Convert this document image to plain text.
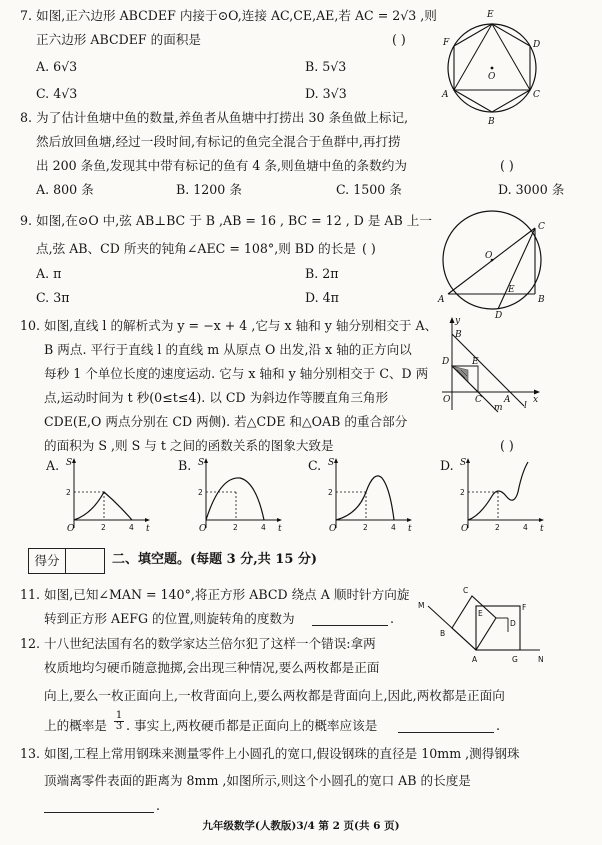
7. 如图,正六边形 ABCDEF 内接于⊙O,连接 AC,CE,AE,若 AC = 2√3 ,则
正六边形 ABCDEF 的面积是	( )
A. 6√3	B. 5√3
C. 4√3	D. 3√3
E
F	D
O
A	C
B
8. 为了估计鱼塘中鱼的数量,养鱼者从鱼塘中打捞出 30 条鱼做上标记,
然后放回鱼塘,经过一段时间,有标记的鱼完全混合于鱼群中,再打捞
出 200 条鱼,发现其中带有标记的鱼有 4 条,则鱼塘中鱼的条数约为	( )
A. 800 条	B. 1200 条	C. 1500 条	D. 3000 条
9. 如图,在⊙O 中,弦 AB⊥BC 于 B ,AB = 16 , BC = 12 , D 是 AB 上一
点,弦 AB、CD 所夹的钝角∠AEC = 108°,则 BD 的长是 ( )
A. π	B. 2π
C. 3π	D. 4π
C
O
A
E
B
D
10. 如图,直线 l 的解析式为 y = −x + 4 ,它与 x 轴和 y 轴分别相交于 A、
B 两点. 平行于直线 l 的直线 m 从原点 O 出发,沿 x 轴的正方向以
每秒 1 个单位长度的速度运动. 它与 x 轴和 y 轴分别相交于 C、D 两
点,运动时间为 t 秒(0≤t≤4). 以 CD 为斜边作等腰直角三角形
CDE(E,O 两点分别在 CD 两侧). 若△CDE 和△OAB 的重合部分
的面积为 S ,则 S 与 t 之间的函数关系的图象大致是	( )
y
B
D	E
O	C A
m l
x
A.	B.	C.	D.
S
t
O	2	4
2
S
t
O	2	4
2
S
t
O	2	4
2
S
t
O	2	4
2
得分	二、填空题。(每题 3 分,共 15 分)
11. 如图,已知∠MAN = 140°,将正方形 ABCD 绕点 A 顺时针方向旋
转到正方形 AEFG 的位置,则旋转角的度数为	.
C
M
E
F
D
B
A	G	N
12. 十八世纪法国有名的数学家达兰倍尔犯了这样一个错误:拿两
枚质地均匀硬币随意抛掷,会出现三种情况,要么两枚都是正面
向上,要么一枚正面向上,一枚背面向上,要么两枚都是背面向上,因此,两枚都是正面向
上的概率是 $\frac{1}{3}$ . 事实上,两枚硬币都是正面向上的概率应该是	.
13. 如图,工程上常用钢珠来测量零件上小圆孔的宽口,假设钢珠的直径是 10mm ,测得钢珠
顶端离零件表面的距离为 8mm ,如图所示,则这个小圆孔的宽口 AB 的长度是
.
九年级数学(人教版)3/4 第 2 页(共 6 页)
